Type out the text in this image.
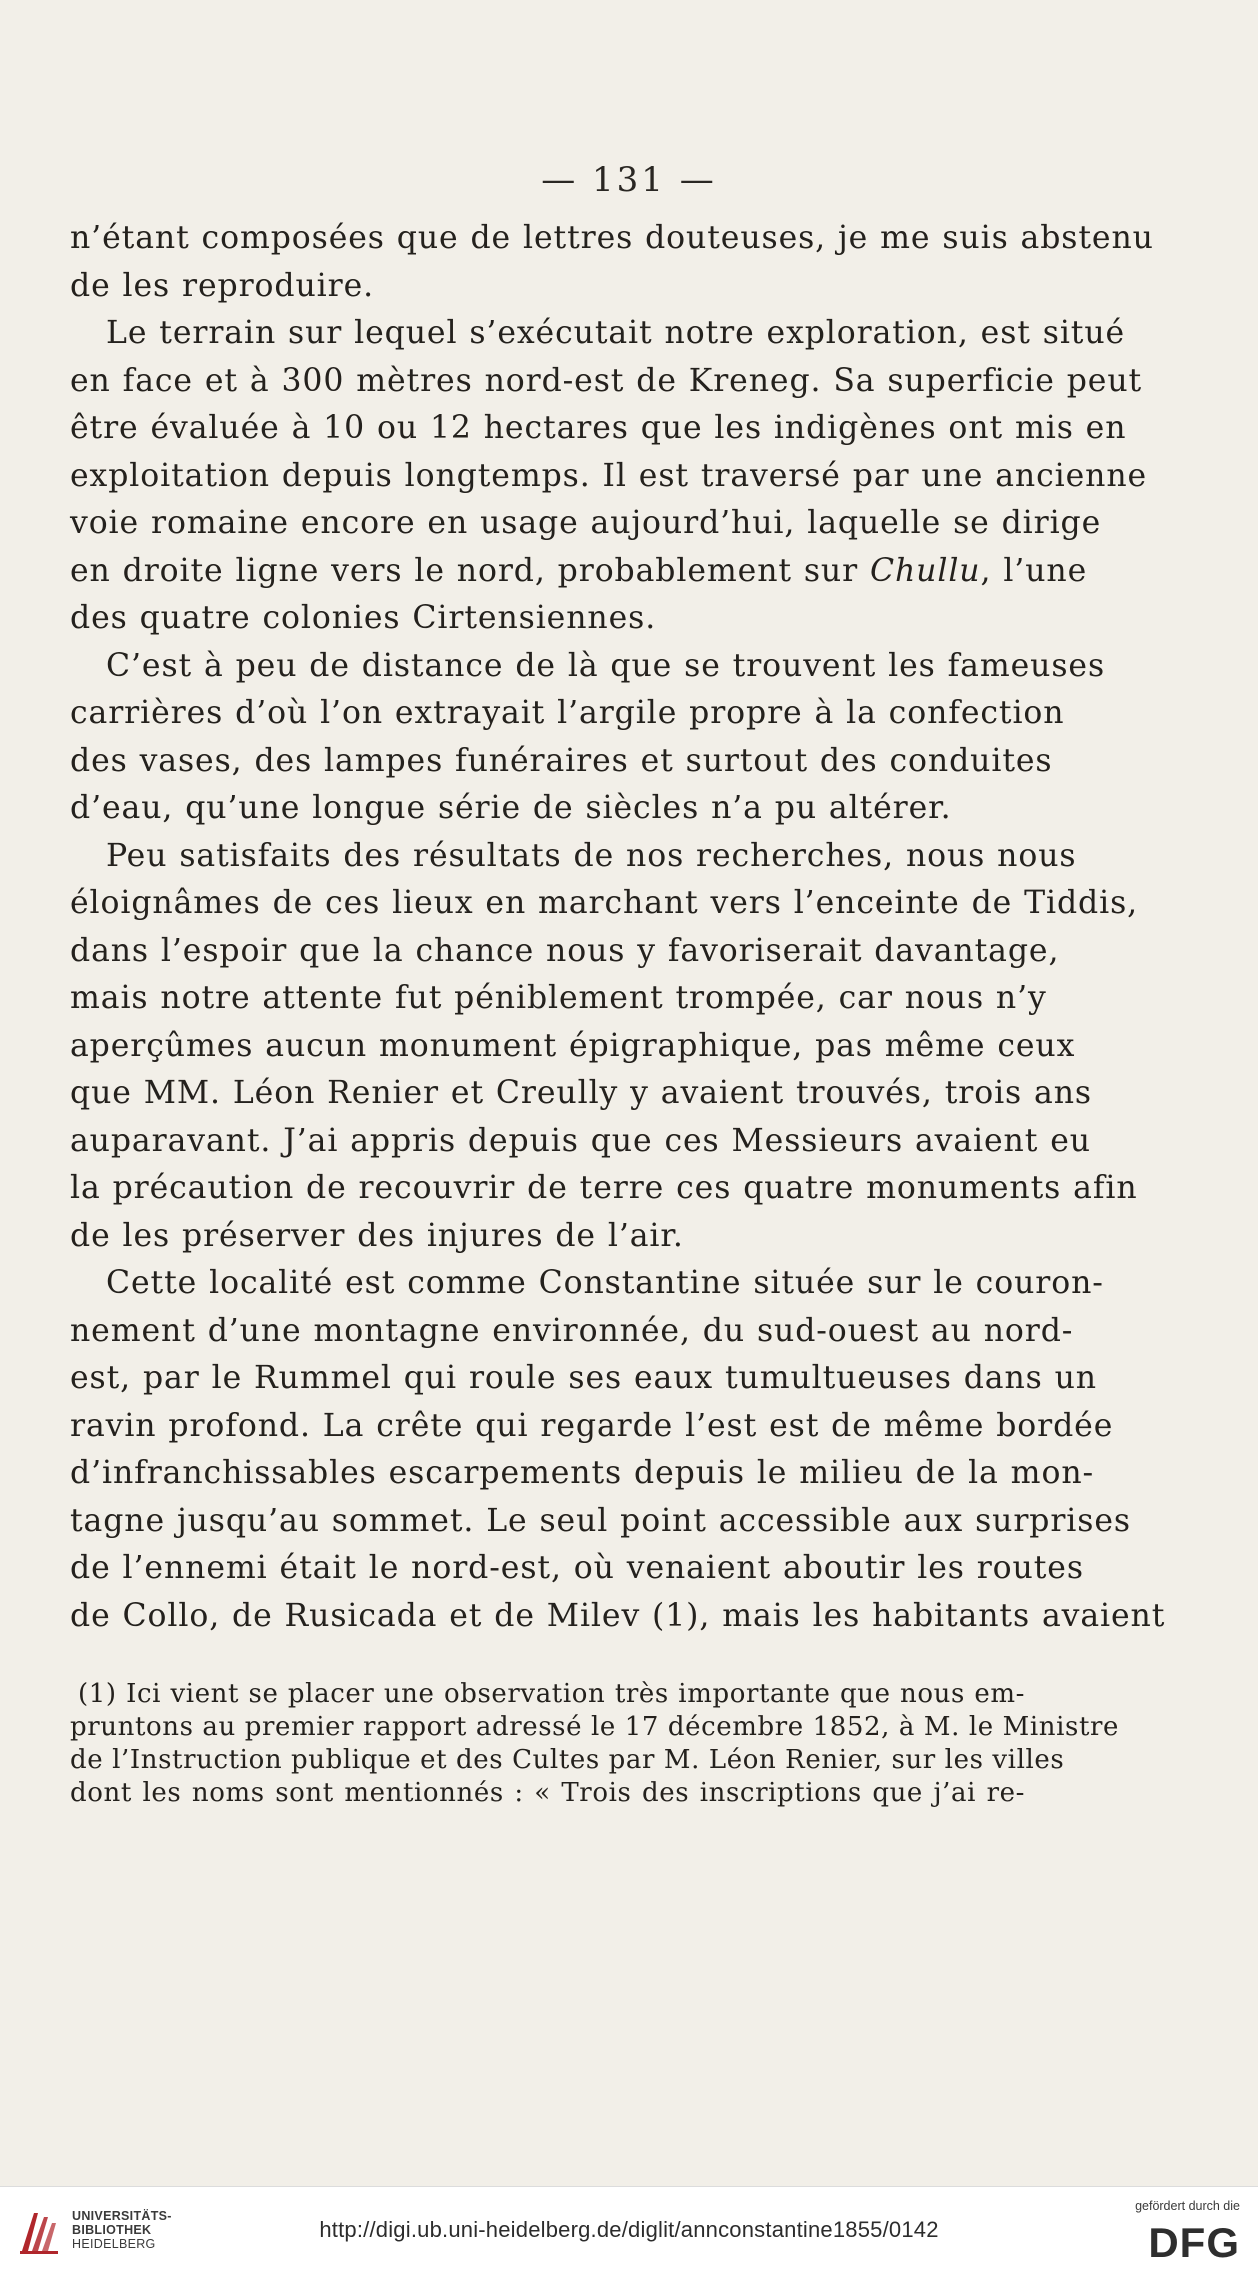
— 131 —
n’étant composées que de lettres douteuses, je me suis abstenu
de les reproduire.
Le terrain sur lequel s’exécutait notre exploration, est situé
en face et à 300 mètres nord-est de Kreneg. Sa superficie peut
être évaluée à 10 ou 12 hectares que les indigènes ont mis en
exploitation depuis longtemps. Il est traversé par une ancienne
voie romaine encore en usage aujourd’hui, laquelle se dirige
en droite ligne vers le nord, probablement sur Chullu, l’une
des quatre colonies Cirtensiennes.
C’est à peu de distance de là que se trouvent les fameuses
carrières d’où l’on extrayait l’argile propre à la confection
des vases, des lampes funéraires et surtout des conduites
d’eau, qu’une longue série de siècles n’a pu altérer.
Peu satisfaits des résultats de nos recherches, nous nous
éloignâmes de ces lieux en marchant vers l’enceinte de Tiddis,
dans l’espoir que la chance nous y favoriserait davantage,
mais notre attente fut péniblement trompée, car nous n’y
aperçûmes aucun monument épigraphique, pas même ceux
que MM. Léon Renier et Creully y avaient trouvés, trois ans
auparavant. J’ai appris depuis que ces Messieurs avaient eu
la précaution de recouvrir de terre ces quatre monuments afin
de les préserver des injures de l’air.
Cette localité est comme Constantine située sur le couron-
nement d’une montagne environnée, du sud-ouest au nord-
est, par le Rummel qui roule ses eaux tumultueuses dans un
ravin profond. La crête qui regarde l’est est de même bordée
d’infranchissables escarpements depuis le milieu de la mon-
tagne jusqu’au sommet. Le seul point accessible aux surprises
de l’ennemi était le nord-est, où venaient aboutir les routes
de Collo, de Rusicada et de Milev (1), mais les habitants avaient
(1) Ici vient se placer une observation très importante que nous em-
pruntons au premier rapport adressé le 17 décembre 1852, à M. le Ministre
de l’Instruction publique et des Cultes par M. Léon Renier, sur les villes
dont les noms sont mentionnés : « Trois des inscriptions que j’ai re-
UNIVERSITÄTS-
BIBLIOTHEK
HEIDELBERG
http://digi.ub.uni-heidelberg.de/diglit/annconstantine1855/0142
gefördert durch die
DFG
